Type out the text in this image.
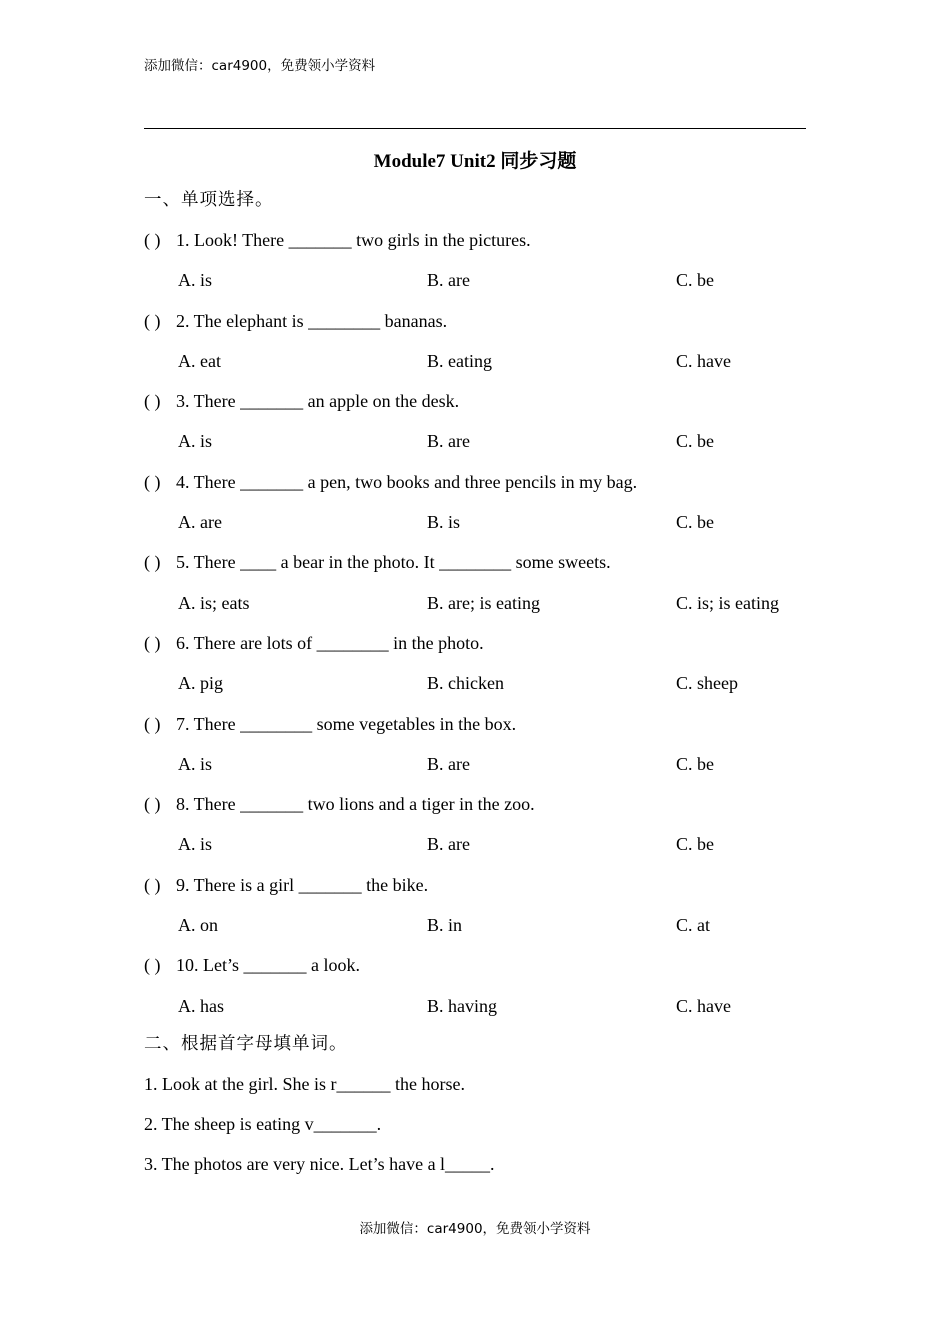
添加微信：car4900，免费领小学资料
Module7 Unit2 同步习题
一、单项选择。
( ) 1. Look! There _______ two girls in the pictures.
A. is	B. are	C. be
( ) 2. The elephant is ________ bananas.
A. eat	B. eating	C. have
( ) 3. There _______ an apple on the desk.
A. is	B. are	C. be
( ) 4. There _______ a pen, two books and three pencils in my bag.
A. are	B. is	C. be
( ) 5. There ____ a bear in the photo. It ________ some sweets.
A. is; eats	B. are; is eating	C. is; is eating
( ) 6. There are lots of ________ in the photo.
A. pig	B. chicken	C. sheep
( ) 7. There ________ some vegetables in the box.
A. is	B. are	C. be
( ) 8. There _______ two lions and a tiger in the zoo.
A. is	B. are	C. be
( ) 9. There is a girl _______ the bike.
A. on	B. in	C. at
( ) 10. Let’s _______ a look.
A. has	B. having	C. have
二、根据首字母填单词。
1. Look at the girl. She is r______ the horse.
2. The sheep is eating v_______.
3. The photos are very nice. Let’s have a l_____.
添加微信：car4900，免费领小学资料
